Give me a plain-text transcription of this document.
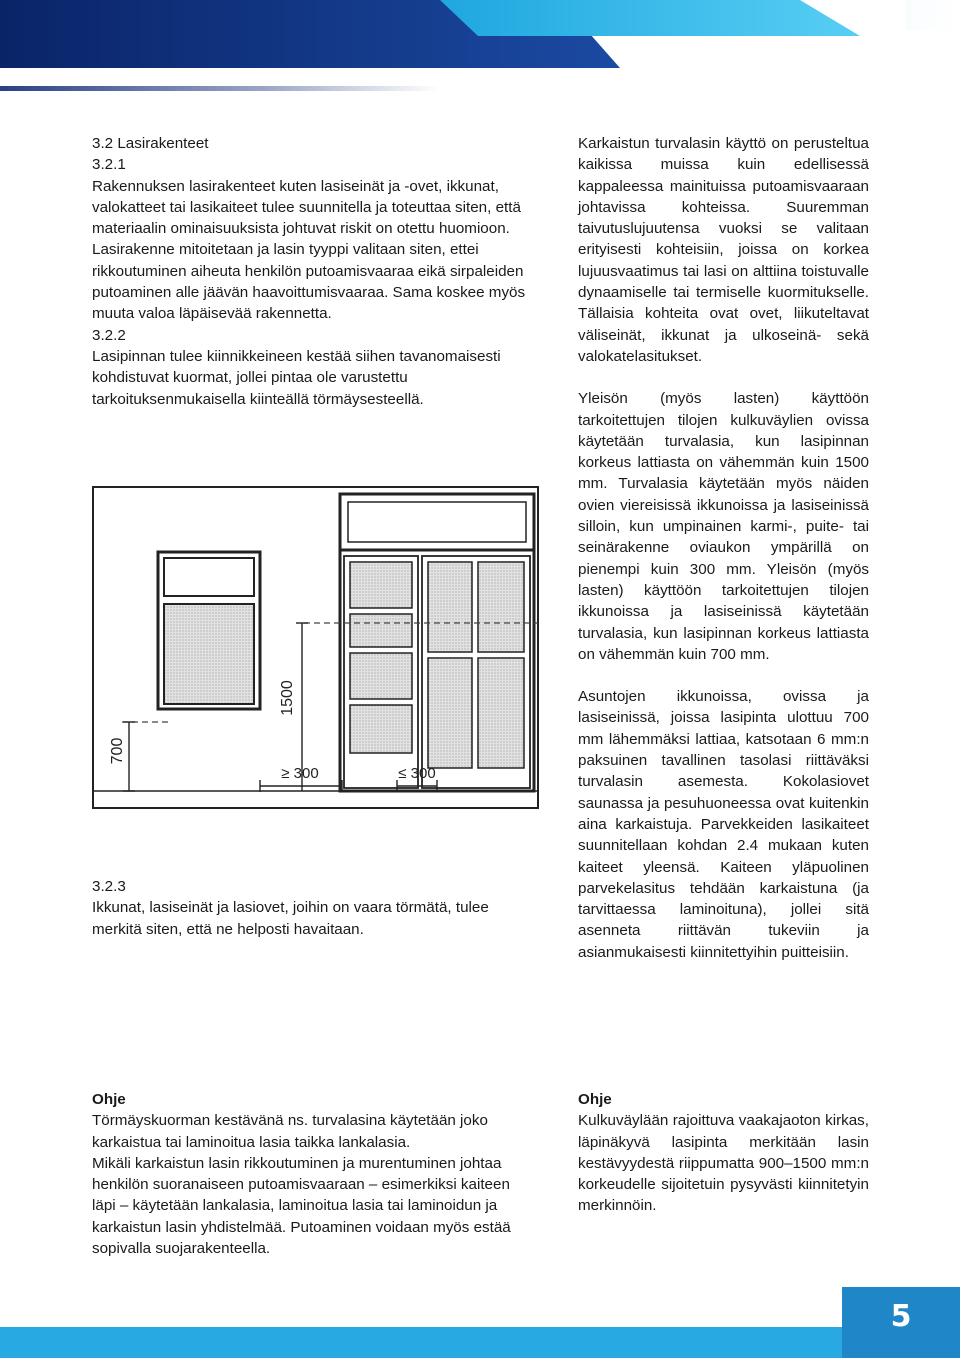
3.2 Lasirakenteet

3.2.1

Rakennuksen lasirakenteet kuten lasiseinät ja -ovet, ikkunat, valokatteet tai lasikaiteet tulee suunnitella ja toteuttaa siten, että materiaalin ominaisuuksista johtuvat riskit on otettu huomioon. Lasirakenne mitoitetaan ja lasin tyyppi valitaan siten, ettei rikkoutuminen aiheuta henkilön putoamisvaaraa eikä sirpaleiden putoaminen alle jäävän haavoittumisvaaraa. Sama koskee myös muuta valoa läpäisevää rakennetta.

3.2.2

Lasipinnan tulee kiinnikkeineen kestää siihen tavanomaisesti kohdistuvat kuormat, jollei pintaa ole varustettu tarkoituksenmukaisella kiinteällä törmäysesteellä.

700
1500
≥ 300	≤ 300

3.2.3

Ikkunat, lasiseinät ja lasiovet, joihin on vaara törmätä, tulee merkitä siten, että ne helposti havaitaan.

Karkaistun turvalasin käyttö on perusteltua kaikissa muissa kuin edellisessä kappaleessa mainituissa putoamisvaaraan johtavissa kohteissa. Suuremman taivutuslujuutensa vuoksi se valitaan erityisesti kohteisiin, joissa on korkea lujuusvaatimus tai lasi on alttiina toistuvalle dynaamiselle tai termiselle kuormitukselle. Tällaisia kohteita ovat ovet, liikuteltavat väliseinät, ikkunat ja ulkoseinä- sekä valokatelasitukset.

Yleisön (myös lasten) käyttöön tarkoitettujen tilojen kulkuväylien ovissa käytetään turvalasia, kun lasipinnan korkeus lattiasta on vähemmän kuin 1500 mm. Turvalasia käytetään myös näiden ovien viereisissä ikkunoissa ja lasiseinissä silloin, kun umpinainen karmi-, puite- tai seinärakenne oviaukon ympärillä on pienempi kuin 300 mm. Yleisön (myös lasten) käyttöön tarkoitettujen tilojen ikkunoissa ja lasiseinissä käytetään turvalasia, kun lasipinnan korkeus lattiasta on vähemmän kuin 700 mm.

Asuntojen ikkunoissa, ovissa ja lasiseinissä, joissa lasipinta ulottuu 700 mm lähemmäksi lattiaa, katsotaan 6 mm:n paksuinen tavallinen tasolasi riittäväksi turvalasin asemesta. Kokolasiovet saunassa ja pesuhuoneessa ovat kuitenkin aina karkaistuja. Parvekkeiden lasikaiteet suunnitellaan kohdan 2.4 mukaan kuten kaiteet yleensä. Kaiteen yläpuolinen parvekelasitus tehdään karkaistuna (ja tarvittaessa laminoituna), jollei sitä asenneta riittävän tukeviin ja asianmukaisesti kiinnitettyihin puitteisiin.

Ohje

Törmäyskuorman kestävänä ns. turvalasina käytetään joko karkaistua tai laminoitua lasia taikka lankalasia.

Mikäli karkaistun lasin rikkoutuminen ja murentuminen johtaa henkilön suoranaiseen putoamisvaaraan – esimerkiksi kaiteen läpi – käytetään lankalasia, laminoitua lasia tai laminoidun ja karkaistun lasin yhdistelmää. Putoaminen voidaan myös estää sopivalla suojarakenteella.

Ohje

Kulkuväylään rajoittuva vaakajaoton kirkas, läpinäkyvä lasipinta merkitään lasin kestävyydestä riippumatta 900–1500 mm:n korkeudelle sijoitetuin pysyvästi kiinnitetyin merkinnöin.

5
